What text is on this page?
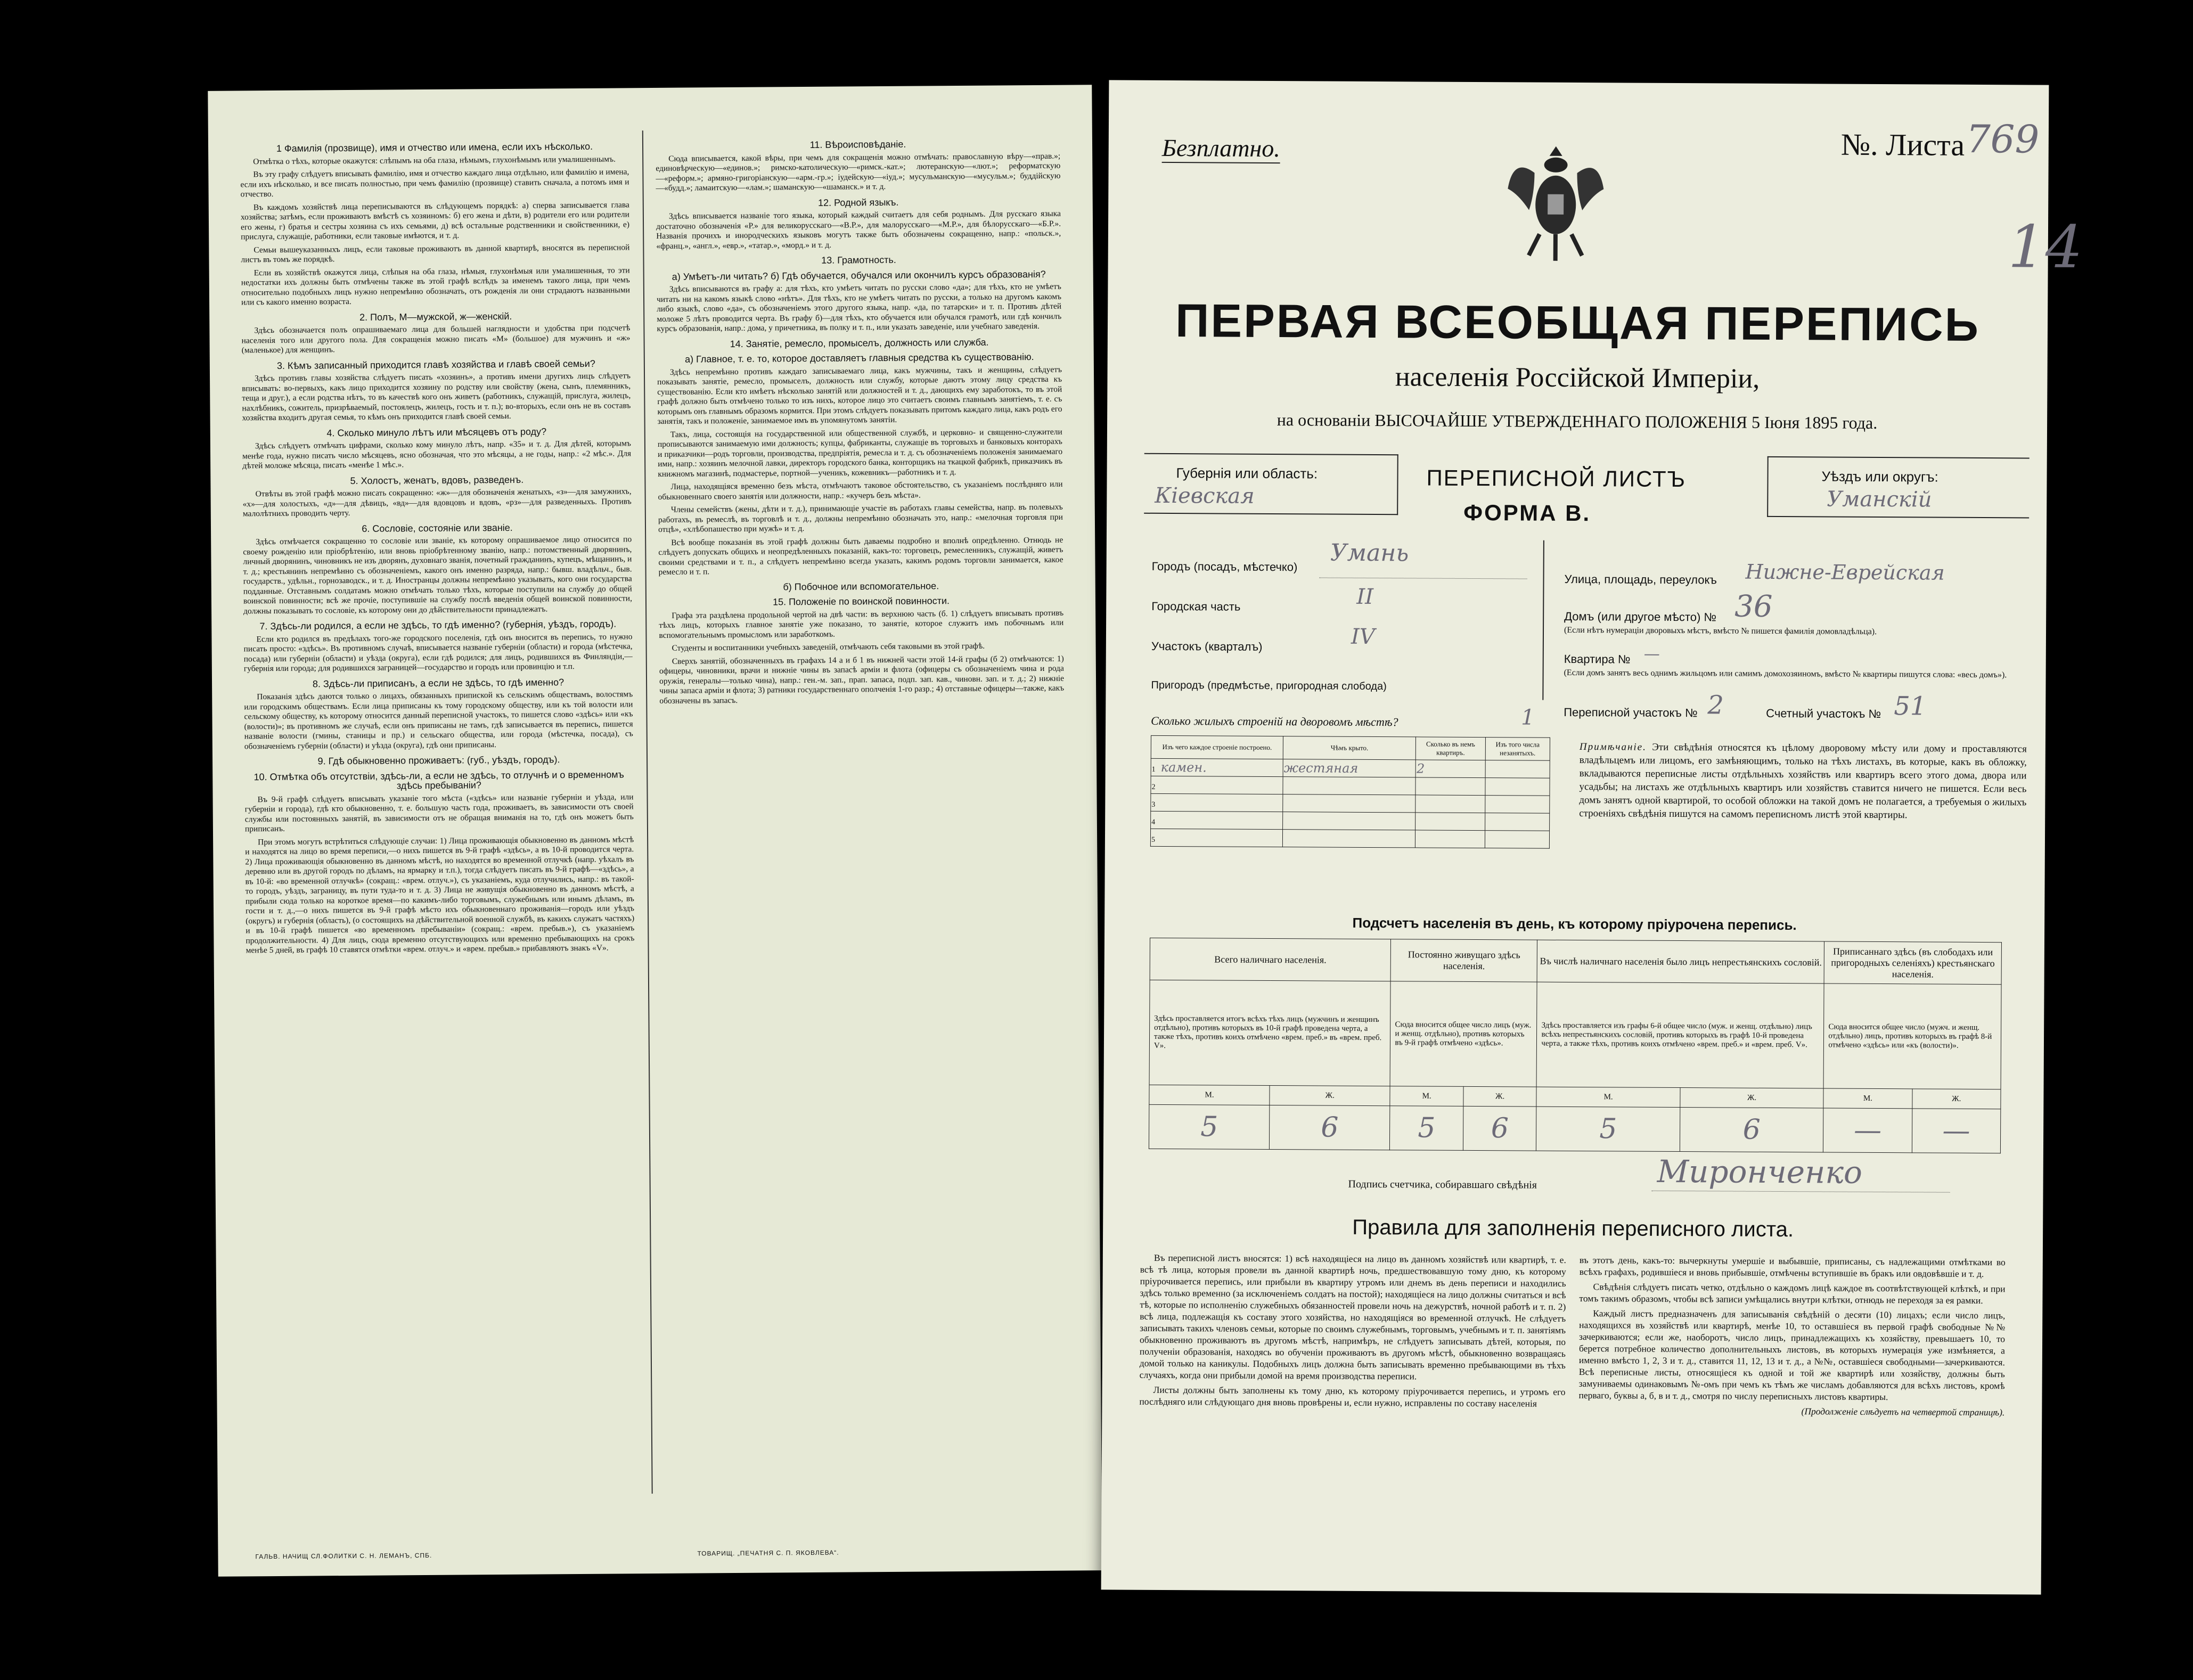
1 Фамилія (прозвище), имя и отчество или имена, если ихъ нѣсколько.

Отмѣтка о тѣхъ, которые окажутся: слѣпымъ на оба глаза, нѣмымъ, глухонѣмымъ или умалишеннымъ.

Въ эту графу слѣдуетъ вписывать фамилію, имя и отчество каждаго лица отдѣльно, или фамилію и имена, если ихъ нѣсколько, и все писать полностью, при чемъ фамилію (прозвище) ставить сначала, а потомъ имя и отчество.

Въ каждомъ хозяйствѣ лица переписываются въ слѣдующемъ порядкѣ: а) сперва записывается глава хозяйства; затѣмъ, если проживаютъ вмѣстѣ съ хозяиномъ: б) его жена и дѣти, в) родители его или родители его жены, г) братья и сестры хозяина съ ихъ семьями, д) всѣ остальные родственники и свойственники, е) прислуга, служащіе, работники, если таковые имѣются, и т. д.

Семьи вышеуказанныхъ лицъ, если таковые проживаютъ въ данной квартирѣ, вносятся въ переписной листъ въ томъ же порядкѣ.

Если въ хозяйствѣ окажутся лица, слѣпыя на оба глаза, нѣмыя, глухонѣмыя или умалишенныя, то эти недостатки ихъ должны быть отмѣчены также въ этой графѣ вслѣдъ за именемъ такого лица, при чемъ относительно подобныхъ лицъ нужно непремѣнно обозначать, отъ рожденія ли они страдаютъ названными или съ какого именно возраста.

2. Полъ, М—мужской, ж—женскій.

Здѣсь обозначается полъ опрашиваемаго лица для большей наглядности и удобства при подсчетѣ населенія того или другого пола. Для сокращенія можно писать «М» (большое) для мужчинъ и «ж» (маленькое) для женщинъ.

3. Кѣмъ записанный приходится главѣ хозяйства и главѣ своей семьи?

Здѣсь противъ главы хозяйства слѣдуетъ писать «хозяинъ», а противъ имени другихъ лицъ слѣдуетъ вписывать: во-первыхъ, какъ лицо приходится хозяину по родству или свойству (жена, сынъ, племянникъ, теща и друг.), а если родства нѣтъ, то въ качествѣ кого онъ живетъ (работникъ, служащій, прислуга, жилецъ, нахлѣбникъ, сожитель, призрѣваемый, постоялецъ, жилецъ, гость и т. п.); во-вторыхъ, если онъ не въ составъ хозяйства входитъ другая семья, то кѣмъ онъ приходится главѣ своей семьи.

4. Сколько минуло лѣтъ или мѣсяцевъ отъ роду?

Здѣсь слѣдуетъ отмѣчать цифрами, сколько кому минуло лѣтъ, напр. «35» и т. д. Для дѣтей, которымъ менѣе года, нужно писать число мѣсяцевъ, ясно обозначая, что это мѣсяцы, а не годы, напр.: «2 мѣс.». Для дѣтей моложе мѣсяца, писать «менѣе 1 мѣс.».

5. Холостъ, женатъ, вдовъ, разведенъ.

Отвѣты въ этой графѣ можно писать сокращенно: «ж»—для обозначенія женатыхъ, «з»—для замужнихъ, «х»—для холостыхъ, «д»—для дѣвицъ, «вд»—для вдовцовъ и вдовъ, «рз»—для разведенныхъ. Противъ малолѣтнихъ проводить черту.

6. Сословіе, состояніе или званіе.

Здѣсь отмѣчается сокращенно то сословіе или званіе, къ которому опрашиваемое лицо относится по своему рожденію или пріобрѣтенію, или вновь пріобрѣтенному званію, напр.: потомственный дворянинъ, личный дворянинъ, чиновникъ не изъ дворянъ, духовнаго званія, почетный гражданинъ, купецъ, мѣщанинъ, и т. д.; крестьянинъ непремѣнно съ обозначеніемъ, какого онъ именно разряда, напр.: бывш. владѣльч., быв. государств., удѣльн., горнозаводск., и т. д. Иностранцы должны непремѣнно указывать, кого они государства подданные. Отставнымъ солдатамъ можно отмѣчать только тѣхъ, которые поступили на службу до общей воинской повинности; всѣ же прочіе, поступившіе на службу послѣ введенія общей воинской повинности, должны показывать то сословіе, къ которому они до дѣйствительности принадлежатъ.

7. Здѣсь-ли родился, а если не здѣсь, то гдѣ именно? (губернія, уѣздъ, городъ).

Если кто родился въ предѣлахъ того-же городского поселенія, гдѣ онъ вносится въ перепись, то нужно писать просто: «здѣсь». Въ противномъ случаѣ, вписывается названіе губерніи (области) и города (мѣстечка, посада) или губерніи (области) и уѣзда (округа), если гдѣ родился; для лицъ, родившихся въ Финляндіи,—губернія или города; для родившихся заграницей—государство и городъ или провинцію и т.п.

8. Здѣсь-ли приписанъ, а если не здѣсь, то гдѣ именно?

Показанія здѣсь даются только о лицахъ, обязанныхъ припиской къ сельскимъ обществамъ, волостямъ или городскимъ обществамъ. Если лица приписаны къ тому городскому обществу, или къ той волости или сельскому обществу, къ которому относится данный переписной участокъ, то пишется слово «здѣсь» или «къ (волости)»; въ противномъ же случаѣ, если онъ приписаны не тамъ, гдѣ записывается въ перепись, пишется названіе волости (гмины, станицы и пр.) и сельскаго общества, или города (мѣстечка, посада), съ обозначеніемъ губерніи (области) и уѣзда (округа), гдѣ они приписаны.

9. Гдѣ обыкновенно проживаетъ: (губ., уѣздъ, городъ).
10. Отмѣтка объ отсутствіи, здѣсь-ли, а если не здѣсь, то отлучнѣ и о временномъ здѣсь пребываніи?

Въ 9-й графѣ слѣдуетъ вписывать указаніе того мѣста («здѣсь» или названіе губерніи и уѣзда, или губерніи и города), гдѣ кто обыкновенно, т. е. большую часть года, проживаетъ, въ зависимости отъ своей службы или постоянныхъ занятій, въ зависимости отъ не обращая вниманія на то, гдѣ онъ можетъ быть приписанъ.

При этомъ могутъ встрѣтиться слѣдующіе случаи: 1) Лица проживающія обыкновенно въ данномъ мѣстѣ и находятся на лицо во время переписи,—о нихъ пишется въ 9-й графѣ «здѣсь», а въ 10-й проводится черта. 2) Лица проживающія обыкновенно въ данномъ мѣстѣ, но находятся во временной отлучкѣ (напр. уѣхалъ въ деревню или въ другой городъ по дѣламъ, на ярмарку и т.п.), тогда слѣдуетъ писать въ 9-й графѣ—«здѣсь», а въ 10-й: «во временной отлучкѣ» (сокращ.: «врем. отлуч.»), съ указаніемъ, куда отлучились, напр.: въ такой-то городъ, уѣздъ, заграницу, въ пути туда-то и т. д. 3) Лица не живущія обыкновенно въ данномъ мѣстѣ, а прибыли сюда только на короткое время—по какимъ-либо торговымъ, служебнымъ или инымъ дѣламъ, въ гости и т. д.,—о нихъ пишется въ 9-й графѣ мѣсто ихъ обыкновеннаго проживанія—городъ или уѣздъ (округъ) и губернія (область), (о состоящихъ на дѣйствительной военной службѣ, въ какихъ служатъ частяхъ) и въ 10-й графѣ пишется «во временномъ пребываніи» (сокращ.: «врем. пребыв.»), съ указаніемъ продолжительности. 4) Для лицъ, сюда временно отсутствующихъ или временно пребывающихъ на срокъ менѣе 5 дней, въ графѣ 10 ставятся отмѣтки «врем. отлуч.» и «врем. пребыв.» прибавляютъ знакъ «V».

11. Вѣроисповѣданіе.

Сюда вписывается, какой вѣры, при чемъ для сокращенія можно отмѣчать: православную вѣру—«прав.»; единовѣрческую—«единов.»; римско-католическую—«римск.-кат.»; лютеранскую—«лют.»; реформатскую—«реформ.»; армяно-григоріанскую—«арм.-гр.»; іудейскую—«іуд.»; мусульманскую—«мусульм.»; буддійскую—«будд.»; ламаитскую—«лам.»; шаманскую—«шаманск.» и т. д.

12. Родной языкъ.

Здѣсь вписывается названіе того языка, который каждый считаетъ для себя роднымъ. Для русскаго языка достаточно обозначенія «Р.» для великорусскаго—«В.Р.», для малорусскаго—«М.Р.», для бѣлорусскаго—«Б.Р.». Названія прочихъ и инородческихъ языковъ могутъ также быть обозначены сокращенно, напр.: «польск.», «франц.», «англ.», «евр.», «татар.», «морд.» и т. д.

13. Грамотность.
а) Умѣетъ-ли читать? б) Гдѣ обучается, обучался или окончилъ курсъ образованія?

Здѣсь вписываются въ графу а: для тѣхъ, кто умѣетъ читать по русски слово «да»; для тѣхъ, кто не умѣетъ читать ни на какомъ языкѣ слово «нѣтъ». Для тѣхъ, кто не умѣетъ читать по русски, а только на другомъ какомъ либо языкѣ, слово «да», съ обозначеніемъ этого другого языка, напр. «да, по татарски» и т. п. Противъ дѣтей моложе 5 лѣтъ проводится черта. Въ графу б)—для тѣхъ, кто обучается или обучался грамотѣ, или гдѣ кончилъ курсъ образованія, напр.: дома, у причетника, въ полку и т. п., или указать заведеніе, или учебнаго заведенія.

14. Занятіе, ремесло, промыселъ, должность или служба.
а) Главное, т. е. то, которое доставляетъ главныя средства къ существованію.

Здѣсь непремѣнно противъ каждаго записываемаго лица, какъ мужчины, такъ и женщины, слѣдуетъ показывать занятіе, ремесло, промыселъ, должность или службу, которые даютъ этому лицу средства къ существованію. Если кто имѣетъ нѣсколько занятій или должностей и т. д., дающихъ ему заработокъ, то въ этой графѣ должно быть отмѣчено только то изъ нихъ, которое лицо это считаетъ своимъ главнымъ занятіемъ, т. е. съ которымъ онъ главнымъ образомъ кормится. При этомъ слѣдуетъ показывать притомъ каждаго лица, какъ родъ его занятія, такъ и положеніе, занимаемое имъ въ упомянутомъ занятіи.

Такъ, лица, состоящія на государственной или общественной службѣ, и церковно- и священно-служители прописываются занимаемую ими должность; купцы, фабриканты, служащіе въ торговыхъ и банковыхъ конторахъ и приказчики—родъ торговли, производства, предпріятія, ремесла и т. д. съ обозначеніемъ положенія занимаемаго ими, напр.: хозяинъ мелочной лавки, директоръ городского банка, конторщикъ на ткацкой фабрикѣ, приказчикъ въ книжномъ магазинѣ, подмастерье, портной—ученикъ, кожевникъ—работникъ и т. д.

Лица, находящіяся временно безъ мѣста, отмѣчаютъ таковое обстоятельство, съ указаніемъ послѣдняго или обыкновеннаго своего занятія или должности, напр.: «кучеръ безъ мѣста».

Члены семействъ (жены, дѣти и т. д.), принимающіе участіе въ работахъ главы семейства, напр. въ полевыхъ работахъ, въ ремеслѣ, въ торговлѣ и т. д., должны непремѣнно обозначать это, напр.: «мелочная торговля при отцѣ», «хлѣбопашество при мужѣ» и т. д.

Всѣ вообще показанія въ этой графѣ должны быть даваемы подробно и вполнѣ опредѣленно. Отнюдь не слѣдуетъ допускать общихъ и неопредѣленныхъ показаній, какъ-то: торговецъ, ремесленникъ, служащій, живетъ своими средствами и т. п., а слѣдуетъ непремѣнно всегда указать, какимъ родомъ торговли занимается, какое ремесло и т. п.

б) Побочное или вспомогательное.
15. Положеніе по воинской повинности.

Графа эта раздѣлена продольной чертой на двѣ части: въ верхнюю часть (б. 1) слѣдуетъ вписывать противъ тѣхъ лицъ, которыхъ главное занятіе уже показано, то занятіе, которое служитъ имъ побочнымъ или вспомогательнымъ промысломъ или заработкомъ.

Студенты и воспитанники учебныхъ заведеній, отмѣчають себя таковыми въ этой графѣ.

Сверхъ занятій, обозначенныхъ въ графахъ 14 а и б 1 въ нижней части этой 14-й графы (б 2) отмѣчаются: 1) офицеры, чиновники, врачи и нижніе чины въ запасѣ арміи и флота (офицеры съ обозначеніемъ чина и рода оружія, генералы—только чина), напр.: ген.-м. зап., прап. запаса, подп. зап. кав., чиновн. зап. и т. д.; 2) нижніе чины запаса арміи и флота; 3) ратники государственнаго ополченія 1-го разр.; 4) отставные офицеры—также, какъ обозначены въ запасъ.

ГАЛЬВ. НАЧИЩ СЛ.ФОЛИТКИ С. Н. ЛЕМАНЪ, СПБ.	ТОВАРИЩ. „ПЕЧАТНЯ С. П. ЯКОВЛЕВА“.
Безплатно.	№. Листа 769
14
ПЕРВАЯ ВСЕОБЩАЯ ПЕРЕПИСЬ
населенія Россійской Имперіи,
на основаніи ВЫСОЧАЙШЕ УТВЕРЖДЕННАГО ПОЛОЖЕНІЯ 5 Іюня 1895 года.
Губернія или область:
Кіевская
ПЕРЕПИСНОЙ ЛИСТЪ
ФОРМА В.
Уѣздъ или округъ:
Уманскій
Городъ (посадъ, мѣстечко) Умань
Городская часть	II
Участокъ (кварталъ)	IV
Пригородъ (предмѣстье, пригородная слобода)
Улица, площадь, переулокъ Нижне-Еврейская
Домъ (или другое мѣсто) № 36
(Если нѣтъ нумераціи дворовыхъ мѣстъ, вмѣсто № пишется фамилія домовладѣльца).
Квартира № —
(Если домъ занятъ весь однимъ жильцомъ или самимъ домохозяиномъ, вмѣсто № квартиры пишутся слова: «весь домъ»).
Переписной участокъ № 2	Счетный участокъ № 51
Сколько жилыхъ строеній на дворовомъ мѣстѣ?	1
Изъ чего каждое строеніе построено.	Чѣмъ крыто.	Сколько въ немъ квартиръ.	Изъ того числа незанятыхъ.
1 камен.	жестяная	2	
2			
3			
4			
5			
Примѣчаніе. Эти свѣдѣнія относятся къ цѣлому дворовому мѣсту или дому и проставляются владѣльцемъ или лицомъ, его замѣняющимъ, только на тѣхъ листахъ, въ которые, какъ въ обложку, вкладываются переписные листы отдѣльныхъ хозяйствъ или квартиръ всего этого дома, двора или усадьбы; на листахъ же отдѣльныхъ квартиръ или хозяйствъ ставится ничего не пишется. Если весь домъ занятъ одной квартирой, то особой обложки на такой домъ не полагается, а требуемыя о жилыхъ строеніяхъ свѣдѣнія пишутся на самомъ переписномъ листѣ этой квартиры.
Подсчетъ населенія въ день, къ которому пріурочена перепись.
Всего наличнаго населенія.		Постоянно живущаго здѣсь населенія.		Въ числѣ наличнаго населенія было лицъ непрестьянскихъ сословій.		Приписаннаго здѣсь (въ слободахъ или пригородныхъ селеніяхъ) крестьянскаго населенія.	
Здѣсь проставляется итогъ всѣхъ тѣхъ лицъ (мужчинъ и женщинъ отдѣльно), противъ которыхъ въ 10-й графѣ проведена черта, а также тѣхъ, противъ коихъ отмѣчено «врем. преб.» въ «врем. преб. V».		Сюда вносится общее число лицъ (муж. и женщ. отдѣльно), противъ которыхъ въ 9-й графѣ отмѣчено «здѣсь».		Здѣсь проставляется изъ графы 6-й общее число (муж. и женщ. отдѣльно) лицъ всѣхъ непрестьянскихъ сословій, противъ которыхъ въ графѣ 10-й проведена черта, а также тѣхъ, противъ коихъ отмѣчено «врем. преб.» и «врем. преб. V».		Сюда вносится общее число (мужч. и женщ. отдѣльно) лицъ, противъ которыхъ въ графѣ 8-й отмѣчено «здѣсь» или «къ (волости)».	
М.	Ж.	М.	Ж.	М.	Ж.	М.	Ж.
5	6	5	6	5	6	—	—
Подпись счетчика, собиравшаго свѣдѣнія	Миронченко
Правила для заполненія переписного листа.

Въ переписной листъ вносятся: 1) всѣ находящіеся на лицо въ данномъ хозяйствѣ или квартирѣ, т. е. всѣ тѣ лица, которыя провели въ данной квартирѣ ночь, предшествовавшую тому дню, къ которому пріурочивается перепись, или прибыли въ квартиру утромъ или днемъ въ день переписи и находились здѣсь только временно (за исключеніемъ солдатъ на постой); находящіеся на лицо должны считаться и всѣ тѣ, которые по исполненію служебныхъ обязанностей провели ночь на дежурствѣ, ночной работѣ и т. п. 2) всѣ лица, подлежащія къ составу этого хозяйства, но находящіяся во временной отлучкѣ. Не слѣдуетъ записывать такихъ членовъ семьи, которые по своимъ служебнымъ, торговымъ, учебнымъ и т. п. занятіямъ обыкновенно проживаютъ въ другомъ мѣстѣ, напримѣръ, не слѣдуетъ записывать дѣтей, которыя, по полученіи образованія, находясь во обученіи проживаютъ въ другомъ мѣстѣ, обыкновенно возвращаясь домой только на каникулы. Подобныхъ лицъ должна быть записывать временно пребывающими въ тѣхъ случаяхъ, когда они прибыли домой на время производства переписи.

Листы должны быть заполнены къ тому дню, къ которому пріурочивается перепись, и утромъ его послѣдняго или слѣдующаго дня вновь провѣрены и, если нужно, исправлены по составу населенія

въ этотъ день, какъ-то: вычеркнуты умершіе и выбывшіе, приписаны, съ надлежащими отмѣтками во всѣхъ графахъ, родившіеся и вновь прибывшіе, отмѣчены вступившіе въ бракъ или овдовѣвшіе и т. д.

Свѣдѣнія слѣдуетъ писать четко, отдѣльно о каждомъ лицѣ каждое въ соотвѣтствующей клѣткѣ, и при томъ такимъ образомъ, чтобы всѣ записи умѣщались внутри клѣтки, отнюдь не переходя за ея рамки.

Каждый листъ предназначенъ для записыванія свѣдѣній о десяти (10) лицахъ; если число лицъ, находящихся въ хозяйствѣ или квартирѣ, менѣе 10, то оставшіеся въ первой графѣ свободные №№ зачеркиваются; если же, наоборотъ, число лицъ, принадлежащихъ къ хозяйству, превышаетъ 10, то берется потребное количество дополнительныхъ листовъ, въ которыхъ нумерація уже измѣняется, а именно вмѣсто 1, 2, 3 и т. д., ставится 11, 12, 13 и т. д., а №№, оставшіеся свободными—зачеркиваются. Всѣ переписные листы, относящіеся къ одной и той же квартирѣ или хозяйству, должны быть замуниваемы одинаковымъ №-омъ при чемъ къ тѣмъ же числамъ добавляются для всѣхъ листовъ, кромѣ перваго, буквы а, б, в и т. д., смотря по числу переписныхъ листовъ квартиры.

(Продолженіе слѣдуетъ на четвертой страницѣ).
